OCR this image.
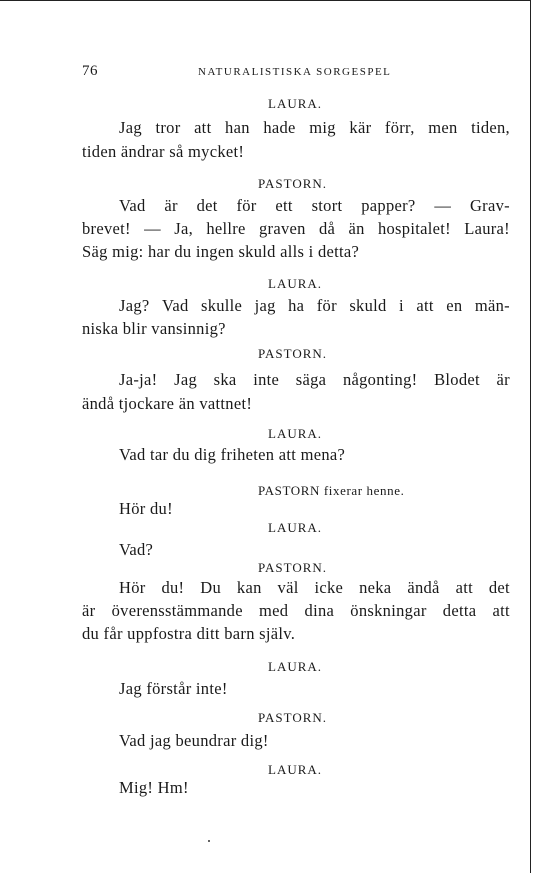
76	NATURALISTISKA SORGESPEL
LAURA.
Jag tror att han hade mig kär förr, men tiden,
tiden ändrar så mycket!
PASTORN.
Vad är det för ett stort papper? — Grav-
brevet! — Ja, hellre graven då än hospitalet! Laura!
Säg mig: har du ingen skuld alls i detta?
LAURA.
Jag? Vad skulle jag ha för skuld i att en män-
niska blir vansinnig?
PASTORN.
Ja-ja! Jag ska inte säga någonting! Blodet är
ändå tjockare än vattnet!
LAURA.
Vad tar du dig friheten att mena?
PASTORN fixerar henne.
Hör du!
LAURA.
Vad?
PASTORN.
Hör du! Du kan väl icke neka ändå att det
är överensstämmande med dina önskningar detta att
du får uppfostra ditt barn själv.
LAURA.
Jag förstår inte!
PASTORN.
Vad jag beundrar dig!
LAURA.
Mig! Hm!
